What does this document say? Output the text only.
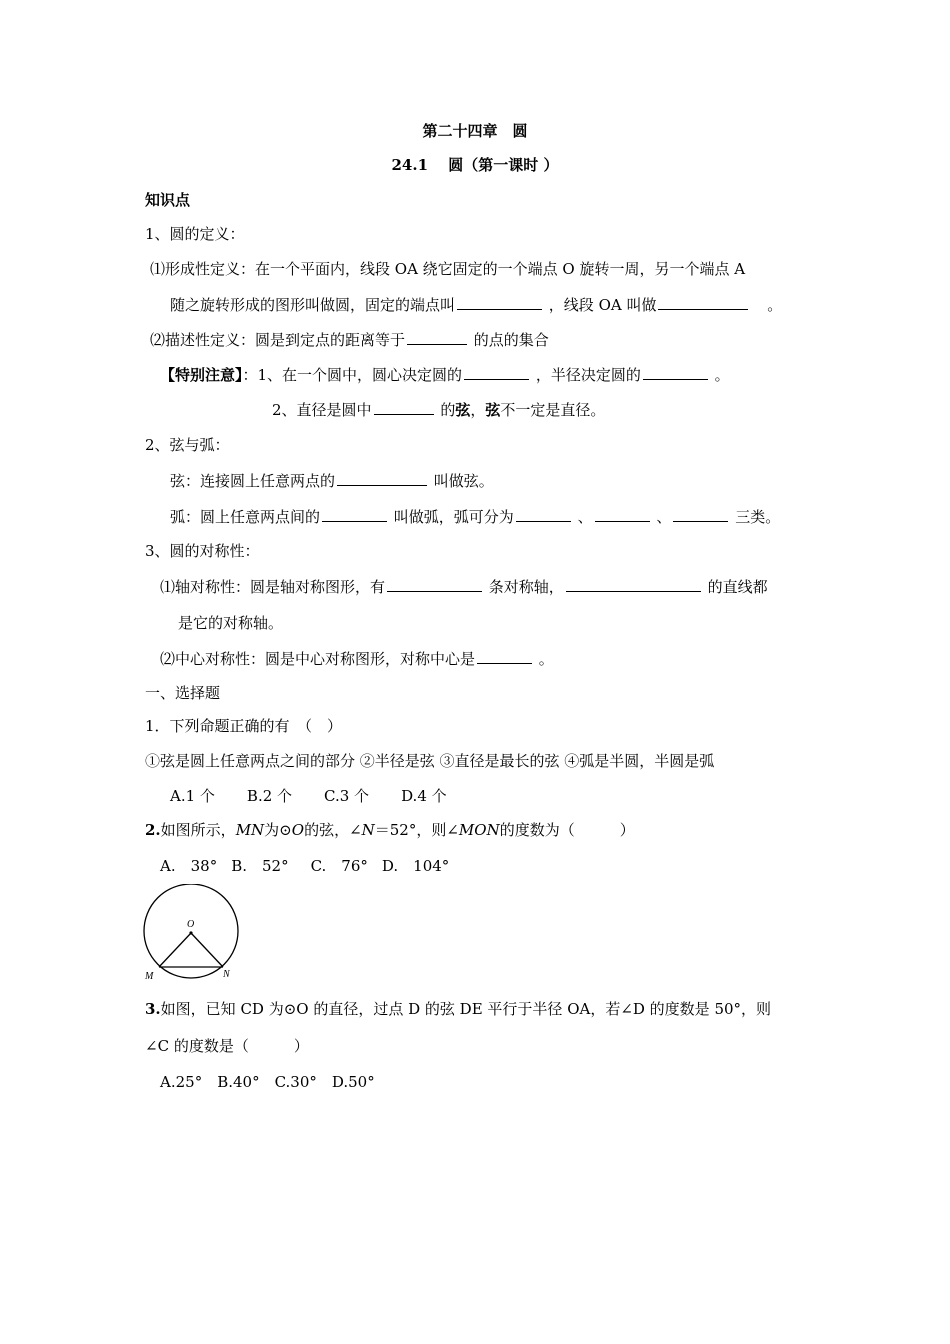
第二十四章　圆
24.1　 圆（第一课时 ）
知识点
1、圆的定义：
⑴形成性定义：在一个平面内，线段 OA 绕它固定的一个端点 O 旋转一周，另一个端点 A
随之旋转形成的图形叫做圆，固定的端点叫	，线段 OA 叫做	。
⑵描述性定义：圆是到定点的距离等于	的点的集合
【特别注意】：1、在一个圆中，圆心决定圆的	，半径决定圆的	。
2、直径是圆中	的弦，弦不一定是直径。
2、弦与弧：
弦：连接圆上任意两点的	叫做弦。
弧：圆上任意两点间的	叫做弧，弧可分为	、	、	三类。
3、圆的对称性：
⑴轴对称性：圆是轴对称图形，有	条对称轴，	的直线都
是它的对称轴。
⑵中心对称性：圆是中心对称图形，对称中心是	。
一、选择题
1．下列命题正确的有　（　）
①弦是圆上任意两点之间的部分 ②半径是弦 ③直径是最长的弦 ④弧是半圆，半圆是弧
A.1 个 B.2 个 C.3 个 D.4 个
2.如图所示，MN为⊙O的弦，∠N＝52°，则∠MON的度数为（　　　）
A.　38° B.　52° C.　76° D.　104°
O
M	N
3.如图，已知 CD 为⊙O 的直径，过点 D 的弦 DE 平行于半径 OA，若∠D 的度数是 50°，则
∠C 的度数是（　　　）
A.25°　B.40°　C.30°　D.50°
